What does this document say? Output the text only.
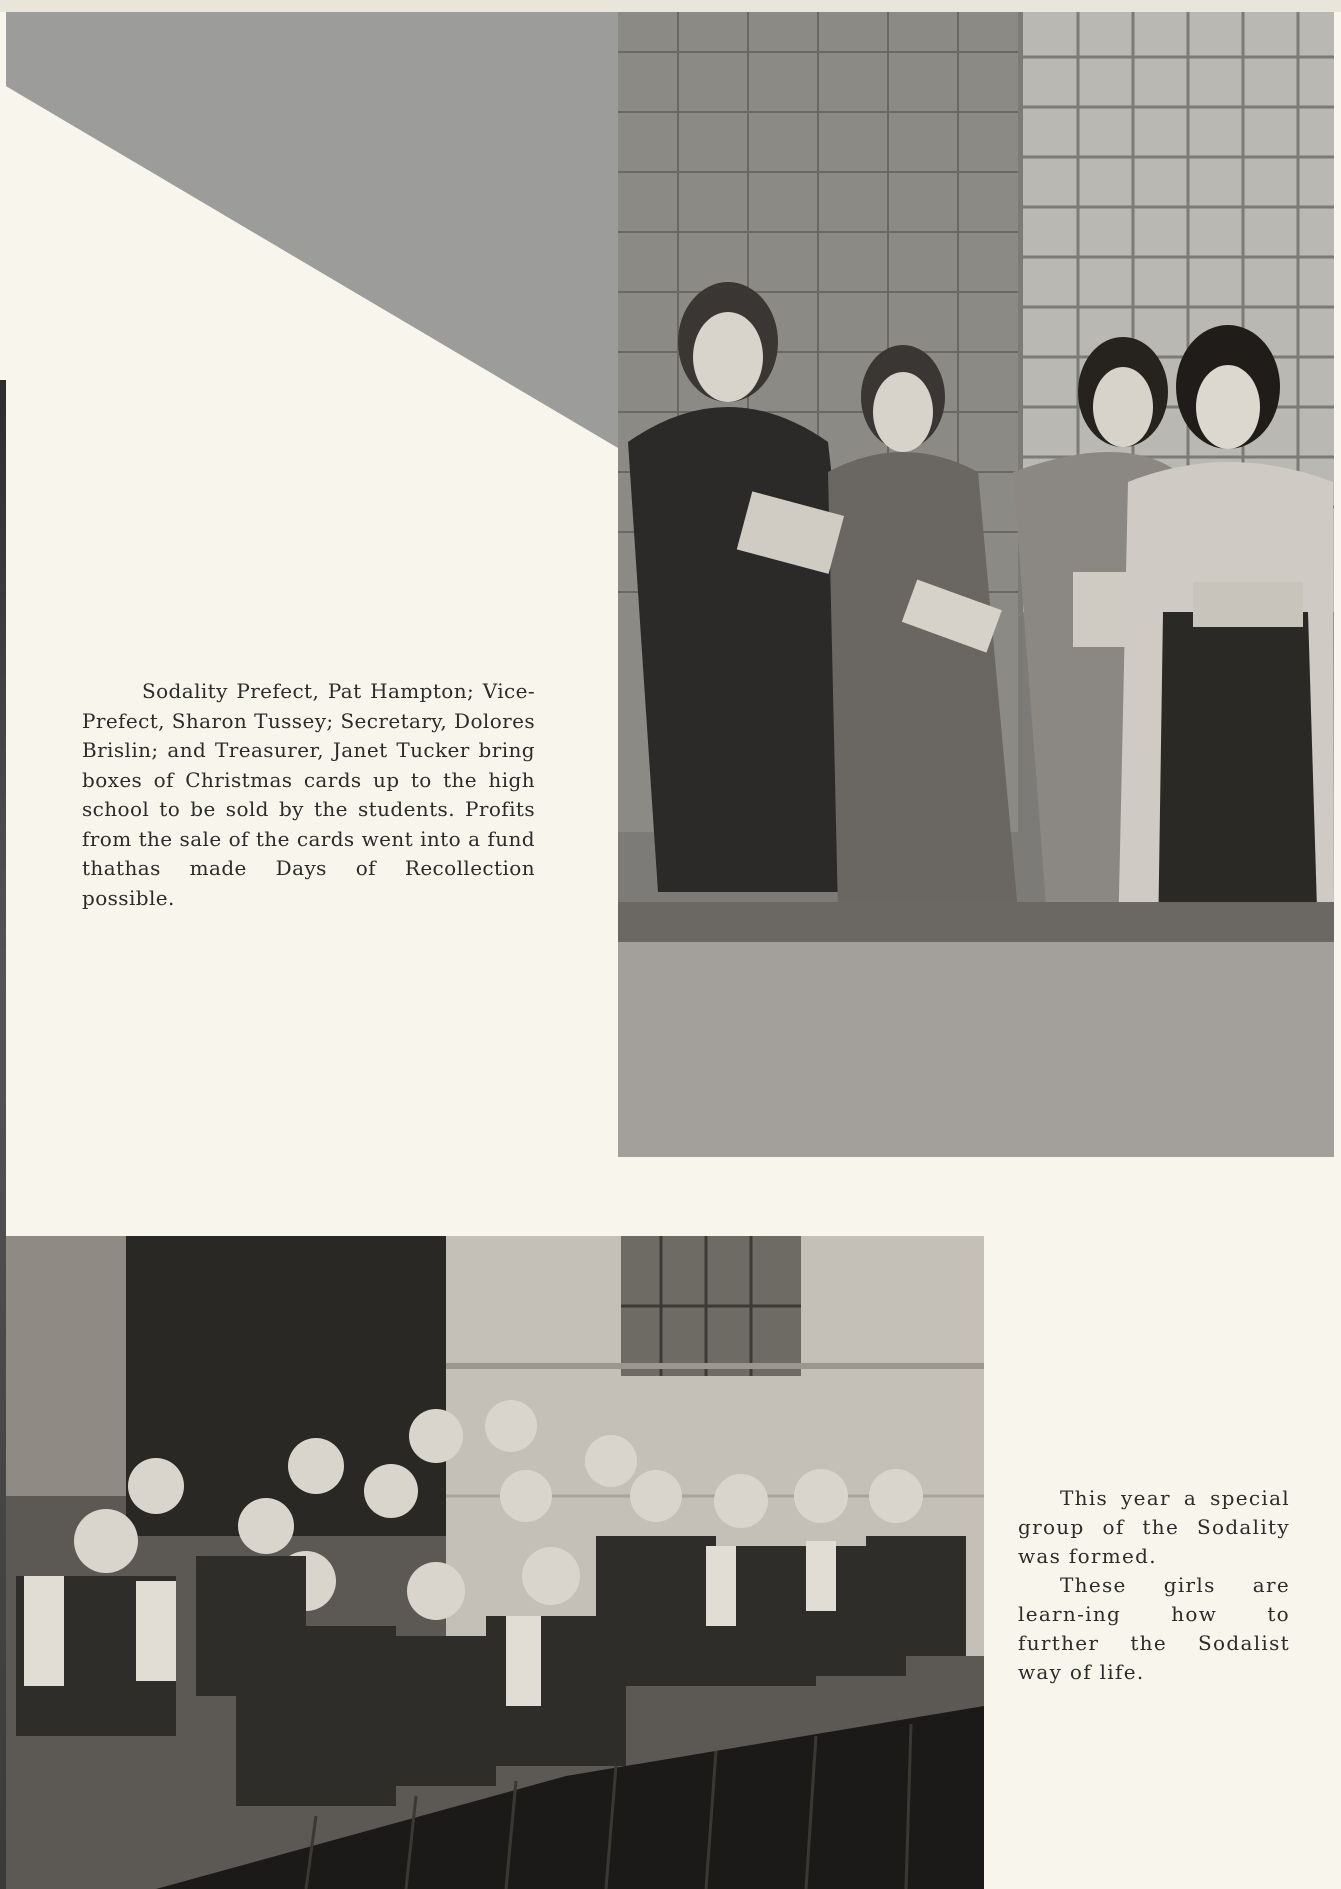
Sodality Prefect, Pat Hampton; Vice-Prefect, Sharon Tussey; Secretary, Dolores Brislin; and Treasurer, Janet Tucker bring boxes of Christmas cards up to the high school to be sold by the students. Profits from the sale of the cards went into a fund thathas made Days of Recollection possible.

This year a special group of the Sodality was formed.

These girls are learn-ing how to further the Sodalist way of life.
